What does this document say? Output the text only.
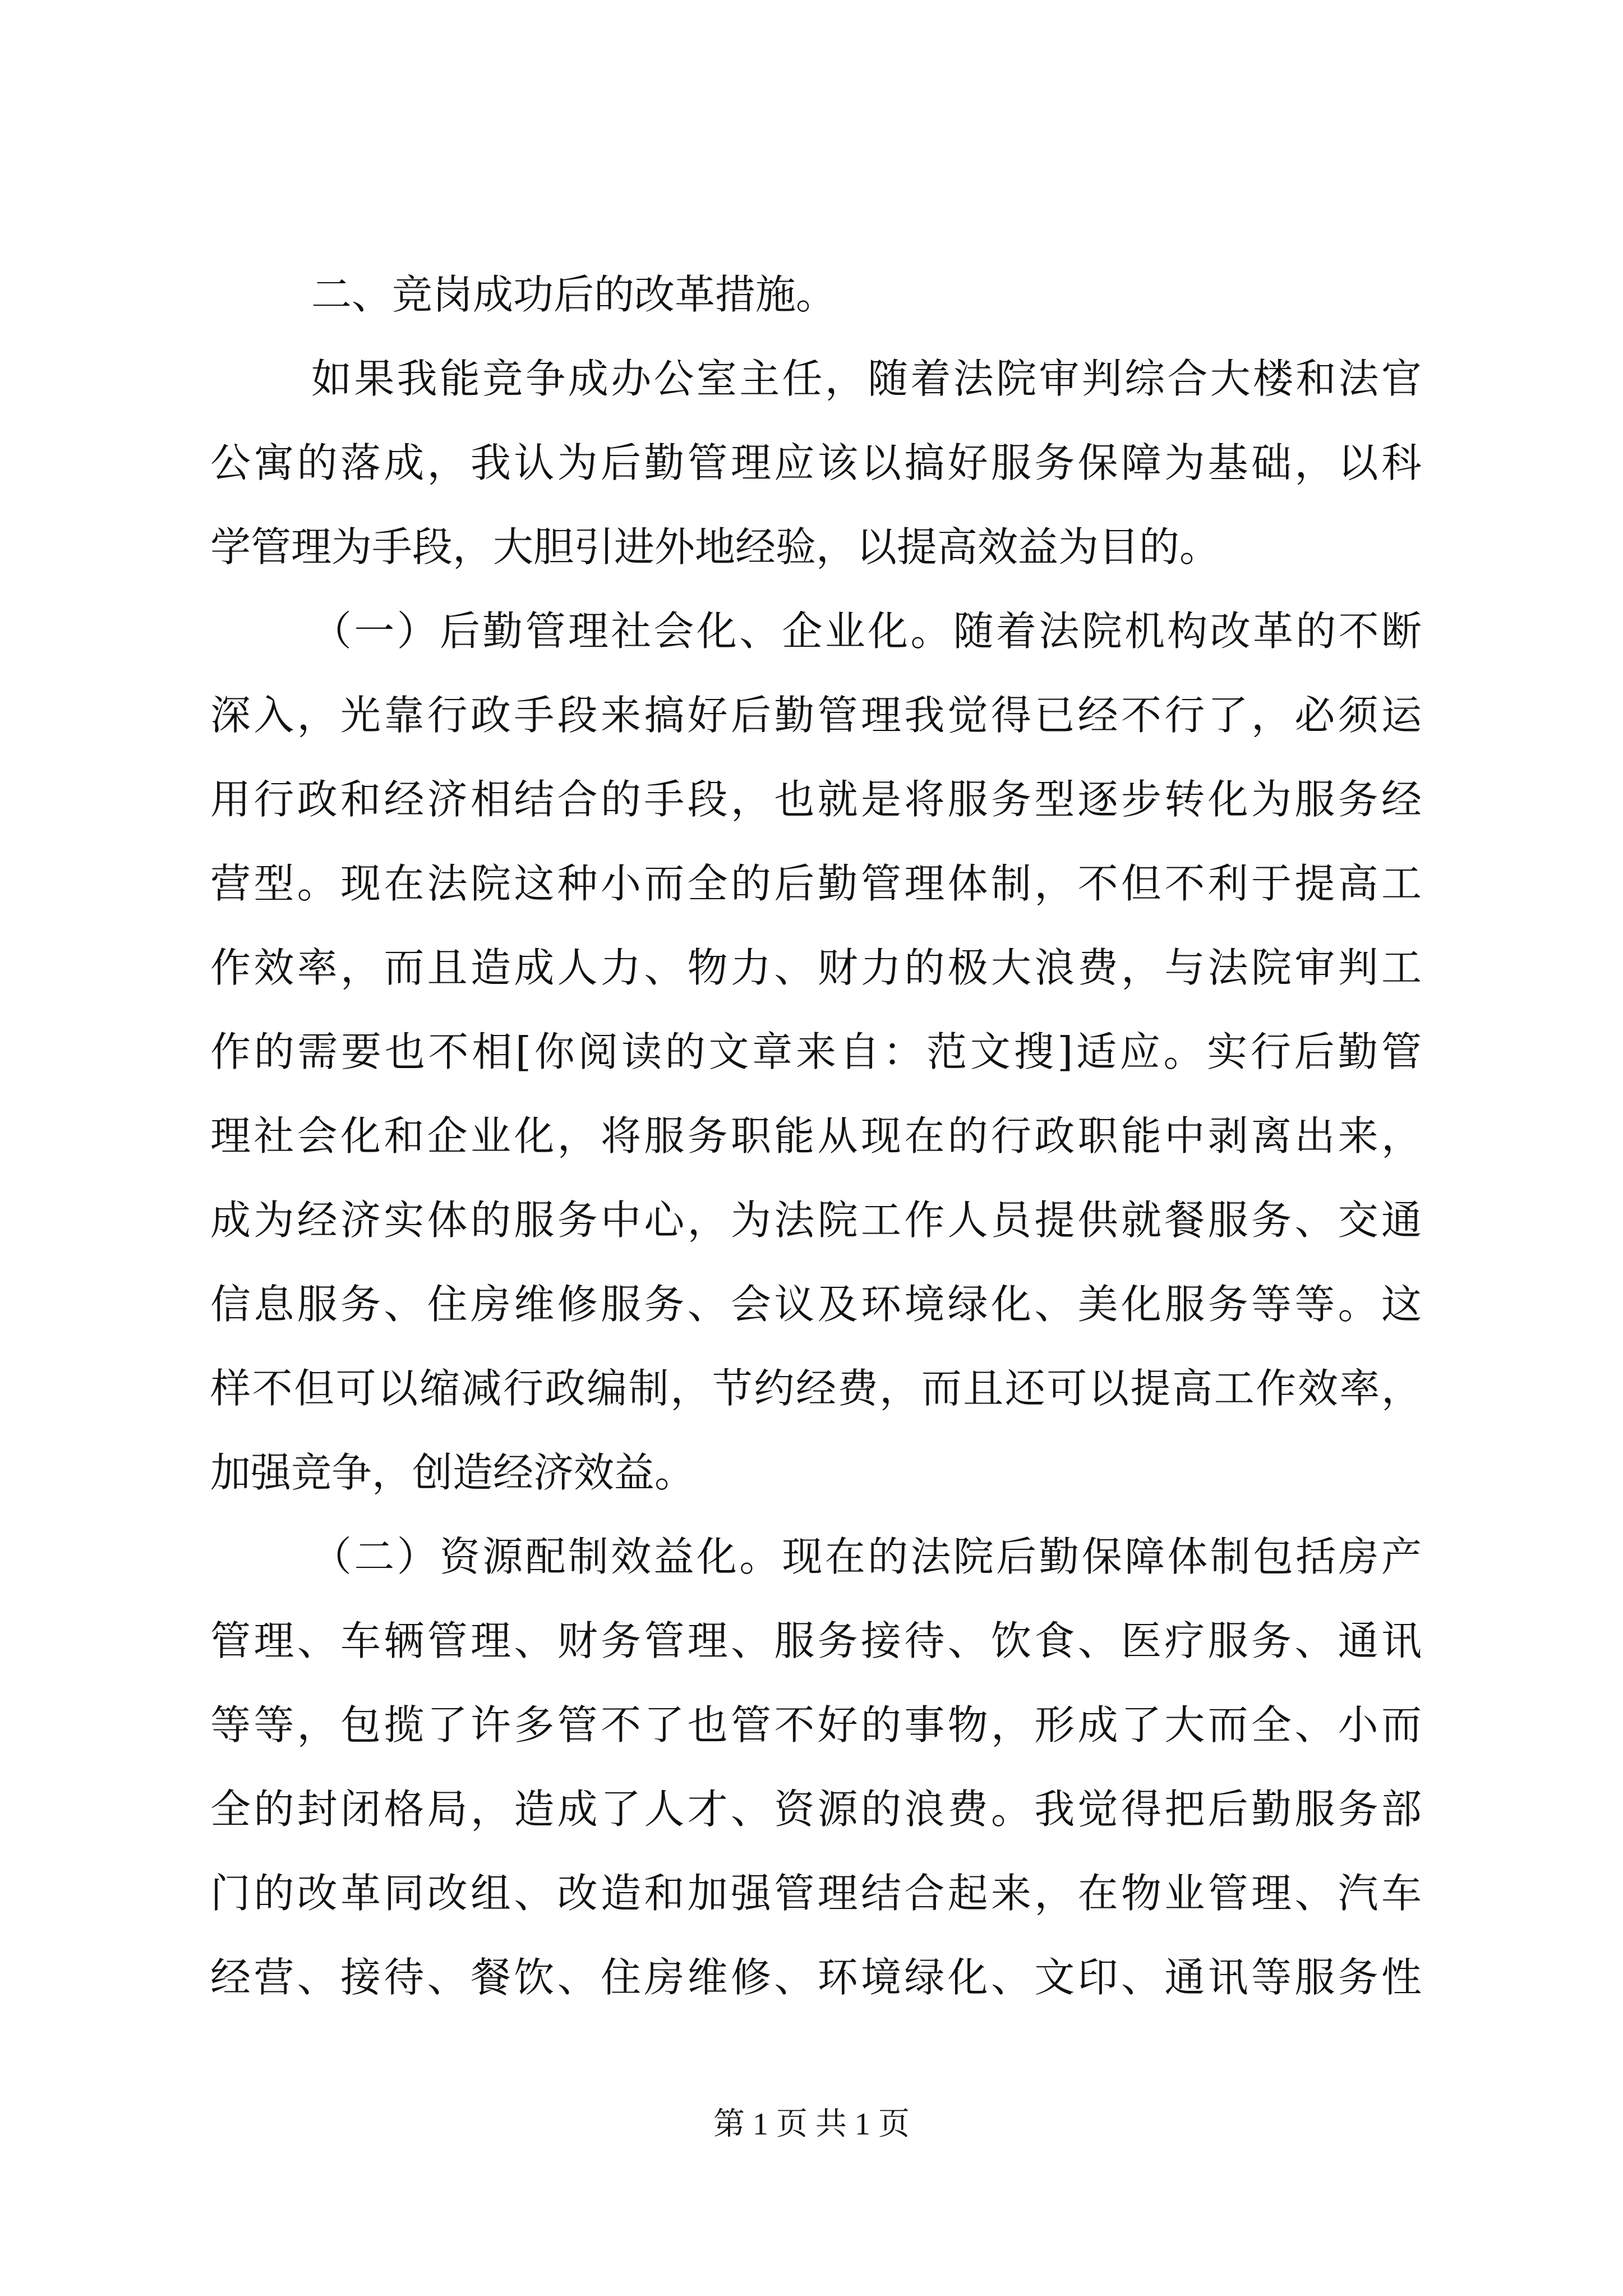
二、竞岗成功后的改革措施。
如果我能竞争成办公室主任，随着法院审判综合大楼和法官
公寓的落成，我认为后勤管理应该以搞好服务保障为基础，以科
学管理为手段，大胆引进外地经验，以提高效益为目的。
（一）后勤管理社会化、企业化。随着法院机构改革的不断
深入，光靠行政手段来搞好后勤管理我觉得已经不行了，必须运
用行政和经济相结合的手段，也就是将服务型逐步转化为服务经
营型。现在法院这种小而全的后勤管理体制，不但不利于提高工
作效率，而且造成人力、物力、财力的极大浪费，与法院审判工
作的需要也不相[你阅读的文章来自：范文搜]适应。实行后勤管
理社会化和企业化，将服务职能从现在的行政职能中剥离出来，
成为经济实体的服务中心，为法院工作人员提供就餐服务、交通
信息服务、住房维修服务、会议及环境绿化、美化服务等等。这
样不但可以缩减行政编制，节约经费，而且还可以提高工作效率，
加强竞争，创造经济效益。
（二）资源配制效益化。现在的法院后勤保障体制包括房产
管理、车辆管理、财务管理、服务接待、饮食、医疗服务、通讯
等等，包揽了许多管不了也管不好的事物，形成了大而全、小而
全的封闭格局，造成了人才、资源的浪费。我觉得把后勤服务部
门的改革同改组、改造和加强管理结合起来，在物业管理、汽车
经营、接待、餐饮、住房维修、环境绿化、文印、通讯等服务性
第 1 页 共 1 页
